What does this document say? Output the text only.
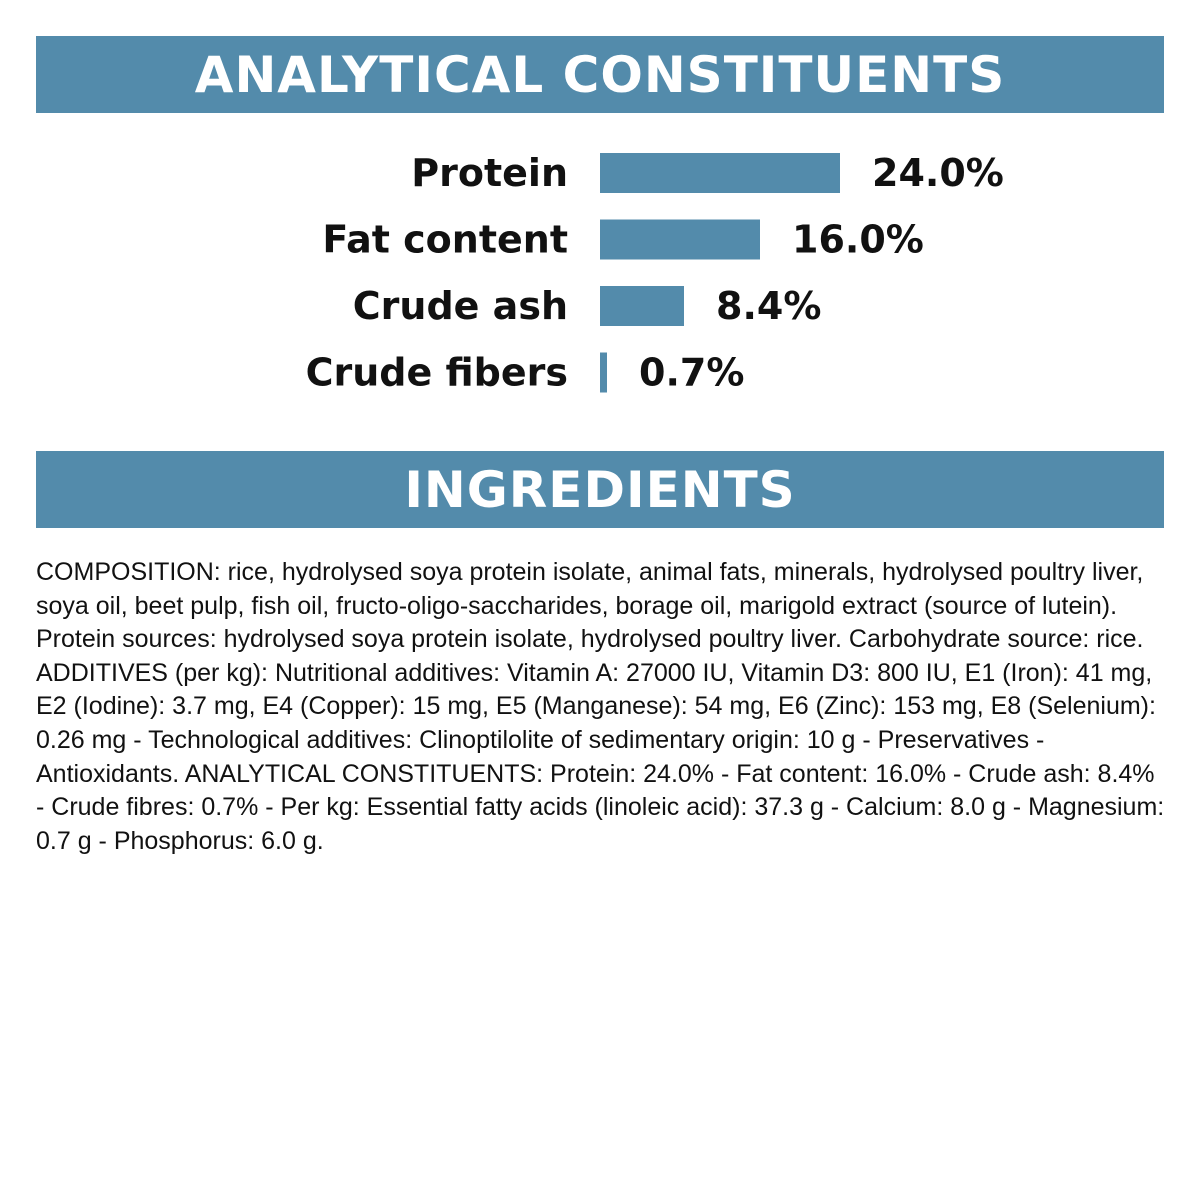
ANALYTICAL CONSTITUENTS
Protein	24.0%
Fat content	16.0%
Crude ash	8.4%
Crude fibers 0.7%
INGREDIENTS

COMPOSITION: rice, hydrolysed soya protein isolate, animal fats, minerals, hydrolysed poultry liver, soya oil, beet pulp, fish oil, fructo-oligo-saccharides, borage oil, marigold extract (source of lutein). Protein sources: hydrolysed soya protein isolate, hydrolysed poultry liver. Carbohydrate source: rice. ADDITIVES (per kg): Nutritional additives: Vitamin A: 27000 IU, Vitamin D3: 800 IU, E1 (Iron): 41 mg, E2 (Iodine): 3.7 mg, E4 (Copper): 15 mg, E5 (Manganese): 54 mg, E6 (Zinc): 153 mg, E8 (Selenium): 0.26 mg - Technological additives: Clinoptilolite of sedimentary origin: 10 g - Preservatives - Antioxidants. ANALYTICAL CONSTITUENTS: Protein: 24.0% - Fat content: 16.0% - Crude ash: 8.4% - Crude fibres: 0.7% - Per kg: Essential fatty acids (linoleic acid): 37.3 g - Calcium: 8.0 g - Magnesium: 0.7 g - Phosphorus: 6.0 g.
